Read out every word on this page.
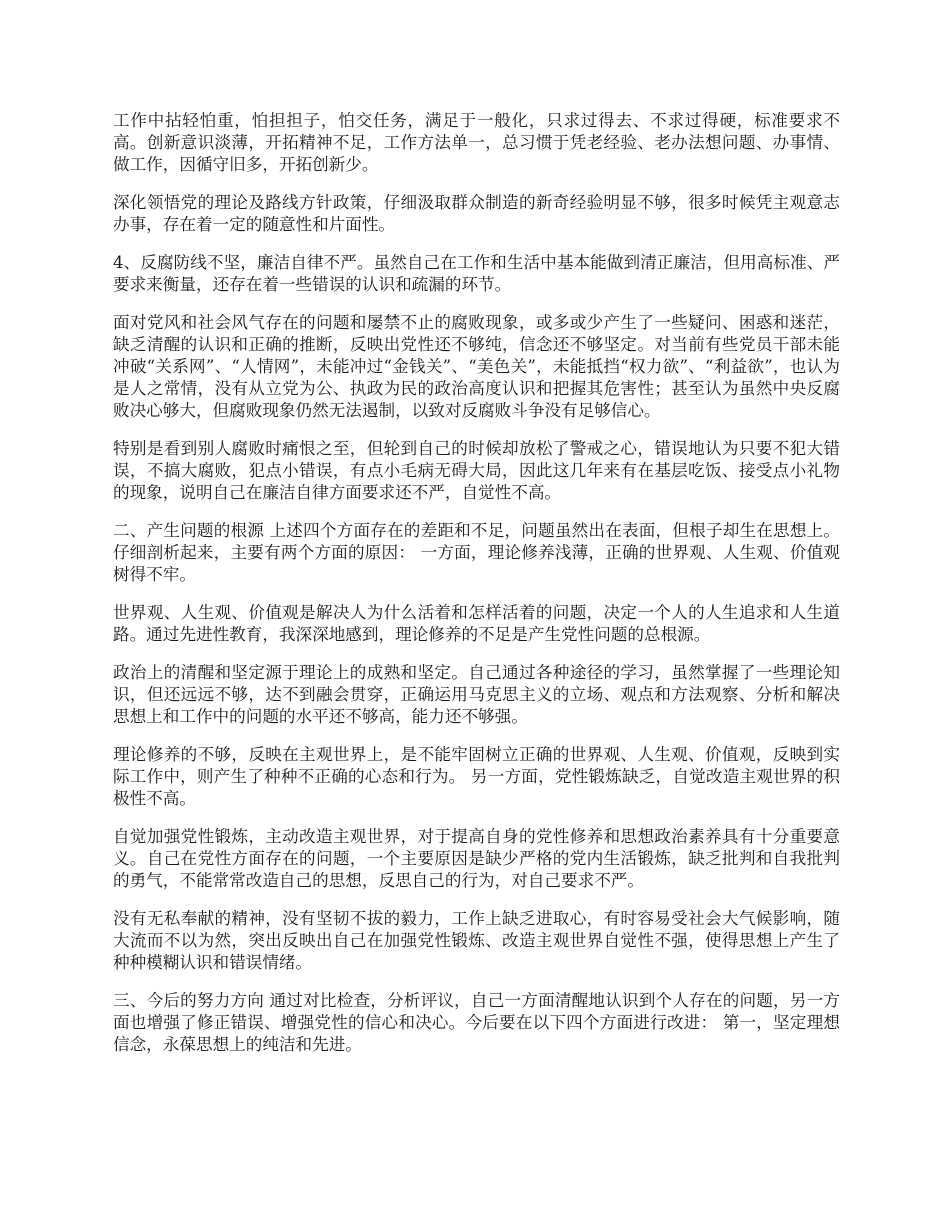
工作中拈轻怕重，怕担担子，怕交任务，满足于一般化，只求过得去、不求过得硬，标准要求不高。创新意识淡薄，开拓精神不足，工作方法单一，总习惯于凭老经验、老办法想问题、办事情、做工作，因循守旧多，开拓创新少。

深化领悟党的理论及路线方针政策，仔细汲取群众制造的新奇经验明显不够，很多时候凭主观意志办事，存在着一定的随意性和片面性。

4、反腐防线不坚，廉洁自律不严。虽然自己在工作和生活中基本能做到清正廉洁，但用高标准、严要求来衡量，还存在着一些错误的认识和疏漏的环节。

面对党风和社会风气存在的问题和屡禁不止的腐败现象，或多或少产生了一些疑问、困惑和迷茫，缺乏清醒的认识和正确的推断，反映出党性还不够纯，信念还不够坚定。对当前有些党员干部未能冲破“关系网”、“人情网”，未能冲过“金钱关”、“美色关”，未能抵挡“权力欲”、“利益欲”，也认为是人之常情，没有从立党为公、执政为民的政治高度认识和把握其危害性；甚至认为虽然中央反腐败决心够大，但腐败现象仍然无法遏制，以致对反腐败斗争没有足够信心。

特别是看到别人腐败时痛恨之至，但轮到自己的时候却放松了警戒之心，错误地认为只要不犯大错误，不搞大腐败，犯点小错误，有点小毛病无碍大局，因此这几年来有在基层吃饭、接受点小礼物的现象，说明自己在廉洁自律方面要求还不严，自觉性不高。

二、产生问题的根源 上述四个方面存在的差距和不足，问题虽然出在表面，但根子却生在思想上。仔细剖析起来，主要有两个方面的原因： 一方面，理论修养浅薄，正确的世界观、人生观、价值观树得不牢。

世界观、人生观、价值观是解决人为什么活着和怎样活着的问题，决定一个人的人生追求和人生道路。通过先进性教育，我深深地感到，理论修养的不足是产生党性问题的总根源。

政治上的清醒和坚定源于理论上的成熟和坚定。自己通过各种途径的学习，虽然掌握了一些理论知识，但还远远不够，达不到融会贯穿，正确运用马克思主义的立场、观点和方法观察、分析和解决思想上和工作中的问题的水平还不够高，能力还不够强。

理论修养的不够，反映在主观世界上，是不能牢固树立正确的世界观、人生观、价值观，反映到实际工作中，则产生了种种不正确的心态和行为。 另一方面，党性锻炼缺乏，自觉改造主观世界的积极性不高。

自觉加强党性锻炼，主动改造主观世界，对于提高自身的党性修养和思想政治素养具有十分重要意义。自己在党性方面存在的问题，一个主要原因是缺少严格的党内生活锻炼，缺乏批判和自我批判的勇气，不能常常改造自己的思想，反思自己的行为，对自己要求不严。

没有无私奉献的精神，没有坚韧不拔的毅力，工作上缺乏进取心，有时容易受社会大气候影响，随大流而不以为然，突出反映出自己在加强党性锻炼、改造主观世界自觉性不强，使得思想上产生了种种模糊认识和错误情绪。

三、今后的努力方向 通过对比检查，分析评议，自己一方面清醒地认识到个人存在的问题，另一方面也增强了修正错误、增强党性的信心和决心。今后要在以下四个方面进行改进： 第一，坚定理想信念，永葆思想上的纯洁和先进。
